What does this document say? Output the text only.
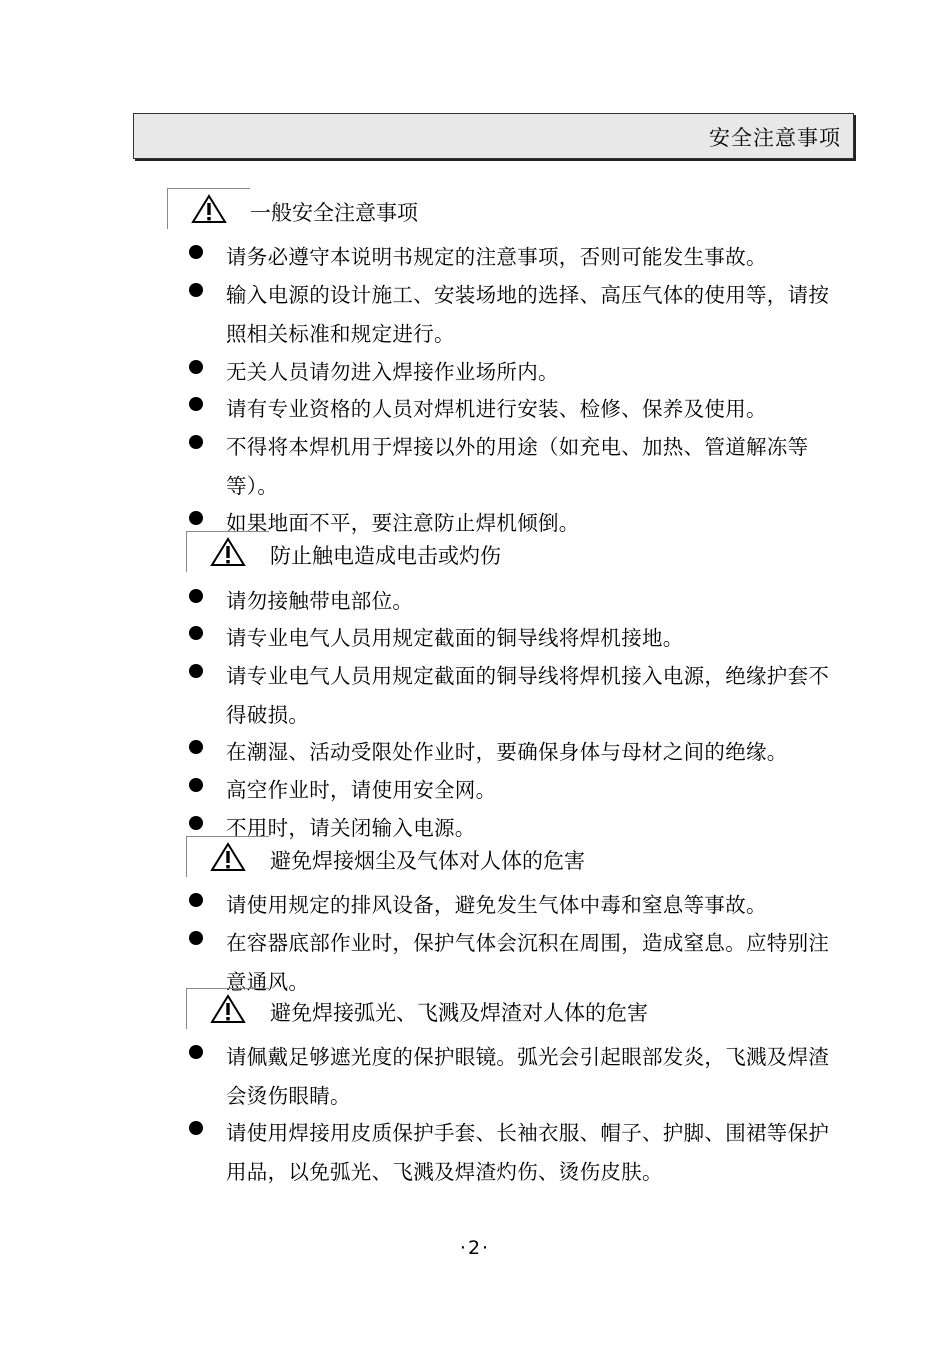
安全注意事项
一般安全注意事项
请务必遵守本说明书规定的注意事项，否则可能发生事故。
输入电源的设计施工、安装场地的选择、高压气体的使用等，请按照相关标准和规定进行。
无关人员请勿进入焊接作业场所内。
请有专业资格的人员对焊机进行安装、检修、保养及使用。
不得将本焊机用于焊接以外的用途（如充电、加热、管道解冻等等）。
如果地面不平，要注意防止焊机倾倒。
防止触电造成电击或灼伤
请勿接触带电部位。
请专业电气人员用规定截面的铜导线将焊机接地。
请专业电气人员用规定截面的铜导线将焊机接入电源，绝缘护套不得破损。
在潮湿、活动受限处作业时，要确保身体与母材之间的绝缘。
高空作业时，请使用安全网。
不用时，请关闭输入电源。
避免焊接烟尘及气体对人体的危害
请使用规定的排风设备，避免发生气体中毒和窒息等事故。
在容器底部作业时，保护气体会沉积在周围，造成窒息。应特别注意通风。
避免焊接弧光、飞溅及焊渣对人体的危害
请佩戴足够遮光度的保护眼镜。弧光会引起眼部发炎，飞溅及焊渣会烫伤眼睛。
请使用焊接用皮质保护手套、长袖衣服、帽子、护脚、围裙等保护用品，以免弧光、飞溅及焊渣灼伤、烫伤皮肤。
·2·
